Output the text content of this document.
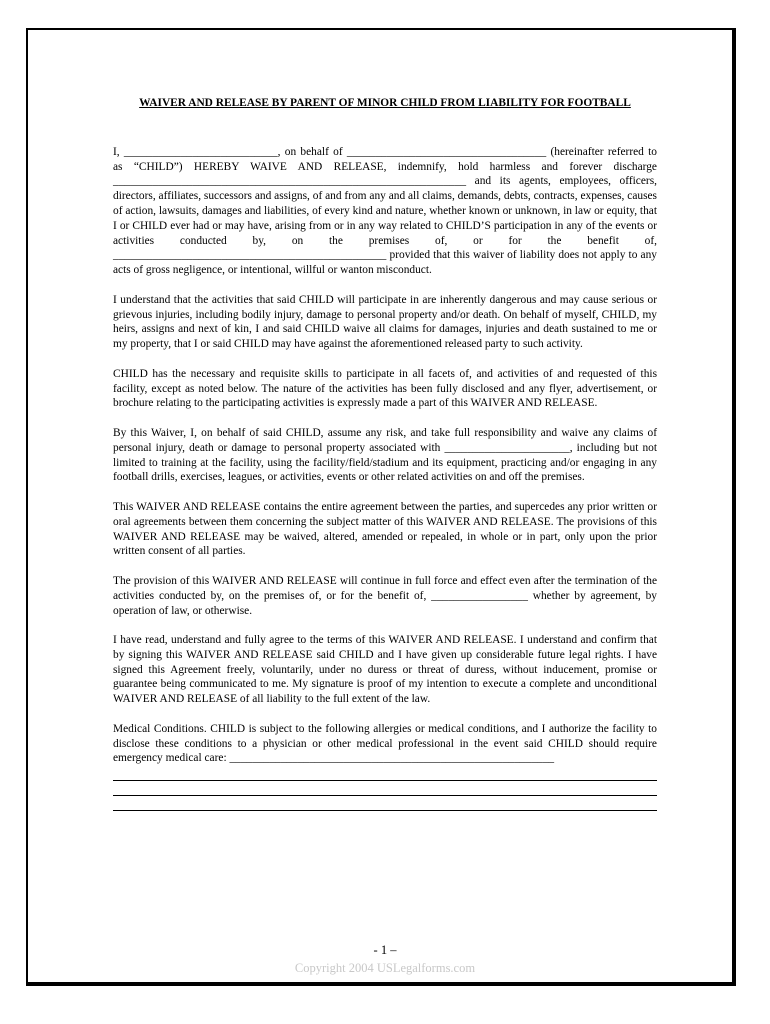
WAIVER AND RELEASE BY PARENT OF MINOR CHILD FROM LIABILITY FOR FOOTBALL

I, ___________________________, on behalf of ___________________________________ (hereinafter referred to as “CHILD”) HEREBY WAIVE AND RELEASE, indemnify, hold harmless and forever discharge ______________________________________________________________ and its agents, employees, officers, directors, affiliates, successors and assigns, of and from any and all claims, demands, debts, contracts, expenses, causes of action, lawsuits, damages and liabilities, of every kind and nature, whether known or unknown, in law or equity, that I or CHILD ever had or may have, arising from or in any way related to CHILD’S participation in any of the events or activities conducted by, on the premises of, or for the benefit of, ________________________________________________ provided that this waiver of liability does not apply to any acts of gross negligence, or intentional, willful or wanton misconduct.

I understand that the activities that said CHILD will participate in are inherently dangerous and may cause serious or grievous injuries, including bodily injury, damage to personal property and/or death. On behalf of myself, CHILD, my heirs, assigns and next of kin, I and said CHILD waive all claims for damages, injuries and death sustained to me or my property, that I or said CHILD may have against the aforementioned released party to such activity.

CHILD has the necessary and requisite skills to participate in all facets of, and activities of and requested of this facility, except as noted below. The nature of the activities has been fully disclosed and any flyer, advertisement, or brochure relating to the participating activities is expressly made a part of this WAIVER AND RELEASE.

By this Waiver, I, on behalf of said CHILD, assume any risk, and take full responsibility and waive any claims of personal injury, death or damage to personal property associated with ______________________, including but not limited to training at the facility, using the facility/field/stadium and its equipment, practicing and/or engaging in any football drills, exercises, leagues, or activities, events or other related activities on and off the premises.

This WAIVER AND RELEASE contains the entire agreement between the parties, and supercedes any prior written or oral agreements between them concerning the subject matter of this WAIVER AND RELEASE. The provisions of this WAIVER AND RELEASE may be waived, altered, amended or repealed, in whole or in part, only upon the prior written consent of all parties.

The provision of this WAIVER AND RELEASE will continue in full force and effect even after the termination of the activities conducted by, on the premises of, or for the benefit of, _________________ whether by agreement, by operation of law, or otherwise.

I have read, understand and fully agree to the terms of this WAIVER AND RELEASE. I understand and confirm that by signing this WAIVER AND RELEASE said CHILD and I have given up considerable future legal rights. I have signed this Agreement freely, voluntarily, under no duress or threat of duress, without inducement, promise or guarantee being communicated to me. My signature is proof of my intention to execute a complete and unconditional WAIVER AND RELEASE of all liability to the full extent of the law.

Medical Conditions. CHILD is subject to the following allergies or medical conditions, and I authorize the facility to disclose these conditions to a physician or other medical professional in the event said CHILD should require emergency medical care: _________________________________________________________

- 1 –
Copyright 2004 USLegalforms.com
